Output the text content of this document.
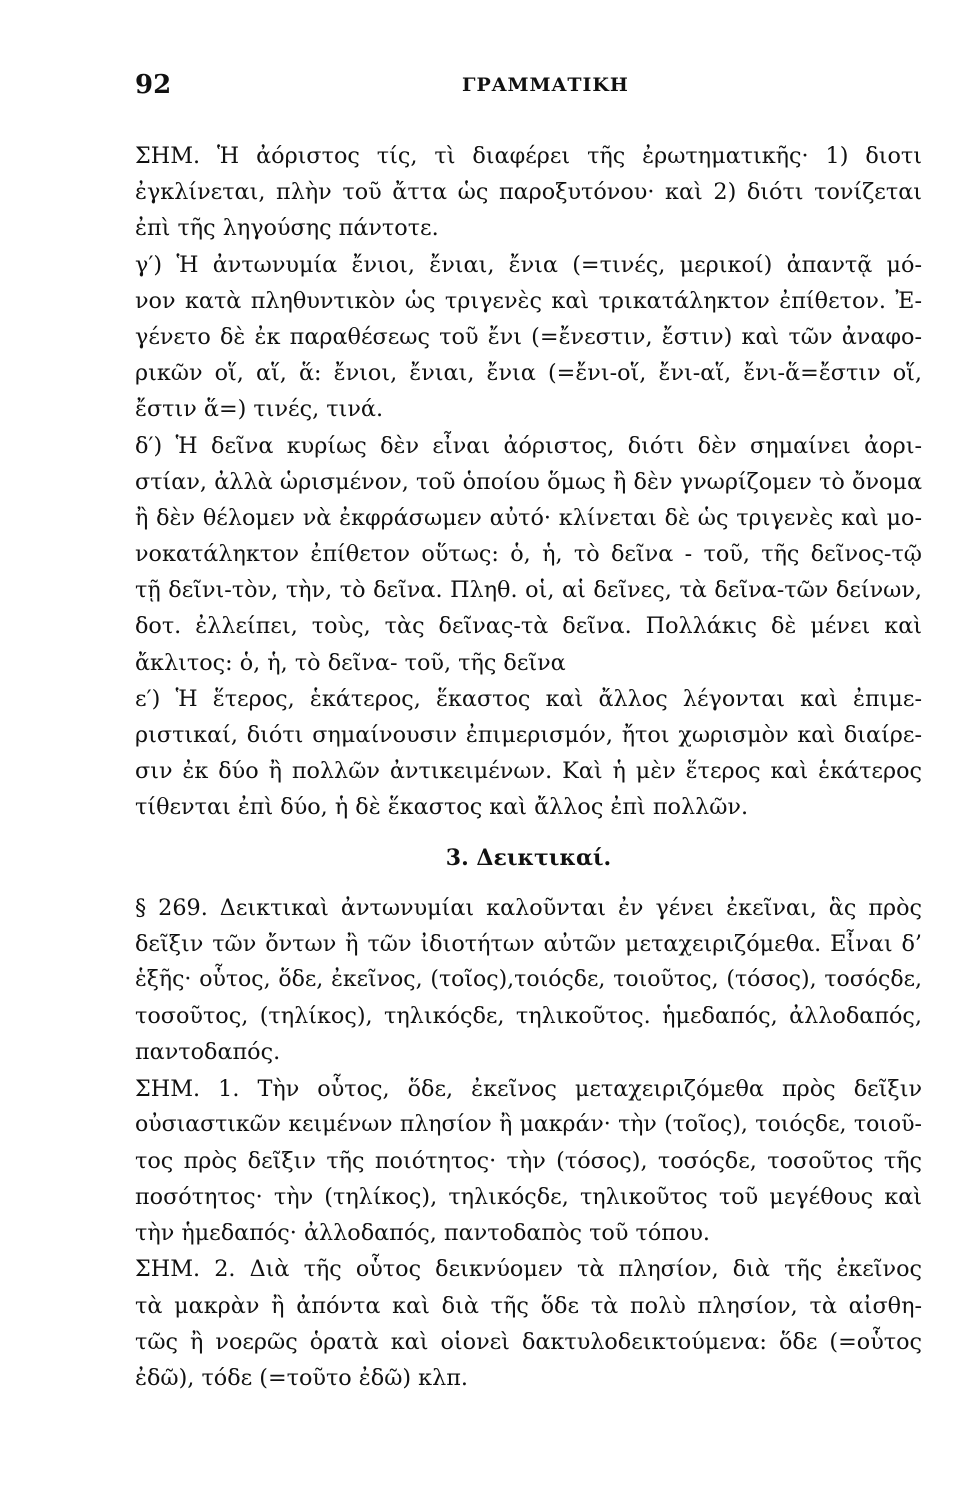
92	ΓΡΑΜΜΑΤΙΚΗ
ΣΗΜ. Ἡ ἀόριστος τίς, τὶ διαφέρει τῆς ἐρωτηματικῆς· 1) διοτι
ἐγκλίνεται, πλὴν τοῦ ἄττα ὡς παροξυτόνου· καὶ 2) διότι τονίζεται
ἐπὶ τῆς ληγούσης πάντοτε.
γ′) Ἡ ἀντωνυμία ἔνιοι, ἔνιαι, ἔνια (=τινές, μερικοί) ἀπαντᾷ μό-
νον κατὰ πληθυντικὸν ὡς τριγενὲς καὶ τρικατάληκτον ἐπίθετον. Ἐ-
γένετο δὲ ἐκ παραθέσεως τοῦ ἔνι (=ἔνεστιν, ἔστιν) καὶ τῶν ἀναφο-
ρικῶν οἵ, αἵ, ἅ: ἔνιοι, ἔνιαι, ἔνια (=ἔνι-οἵ, ἔνι-αἵ, ἔνι-ἅ=ἔστιν οἵ,
ἔστιν ἅ=) τινές, τινά.
δ′) Ἡ δεῖνα κυρίως δὲν εἶναι ἀόριστος, διότι δὲν σημαίνει ἀορι-
στίαν, ἀλλὰ ὡρισμένον, τοῦ ὁποίου ὅμως ἢ δὲν γνωρίζομεν τὸ ὄνομα
ἢ δὲν θέλομεν νὰ ἐκφράσωμεν αὐτό· κλίνεται δὲ ὡς τριγενὲς καὶ μο-
νοκατάληκτον ἐπίθετον οὕτως: ὁ, ἡ, τὸ δεῖνα - τοῦ, τῆς δεῖνος-τῷ
τῇ δεῖνι-τὸν, τὴν, τὸ δεῖνα. Πληθ. οἱ, αἱ δεῖνες, τὰ δεῖνα-τῶν δείνων,
δοτ. ἐλλείπει, τοὺς, τὰς δεῖνας-τὰ δεῖνα. Πολλάκις δὲ μένει καὶ
ἄκλιτος: ὁ, ἡ, τὸ δεῖνα- τοῦ, τῆς δεῖνα
ε′) Ἡ ἕτερος, ἑκάτερος, ἕκαστος καὶ ἄλλος λέγονται καὶ ἐπιμε-
ριστικαί, διότι σημαίνουσιν ἐπιμερισμόν, ἤτοι χωρισμὸν καὶ διαίρε-
σιν ἐκ δύο ἢ πολλῶν ἀντικειμένων. Καὶ ἡ μὲν ἕτερος καὶ ἑκάτερος
τίθενται ἐπὶ δύο, ἡ δὲ ἕκαστος καὶ ἄλλος ἐπὶ πολλῶν.
3. Δεικτικαί.
§ 269. Δεικτικαὶ ἀντωνυμίαι καλοῦνται ἐν γένει ἐκεῖναι, ἃς πρὸς
δεῖξιν τῶν ὄντων ἢ τῶν ἰδιοτήτων αὐτῶν μεταχειριζόμεθα. Εἶναι δ’
ἑξῆς· οὗτος, ὅδε, ἐκεῖνος, (τοῖος),τοιόςδε, τοιοῦτος, (τόσος), τοσόςδε,
τοσοῦτος, (τηλίκος), τηλικόςδε, τηλικοῦτος. ἡμεδαπός, ἀλλοδαπός,
παντοδαπός.
ΣΗΜ. 1. Τὴν οὗτος, ὅδε, ἐκεῖνος μεταχειριζόμεθα πρὸς δεῖξιν
οὐσιαστικῶν κειμένων πλησίον ἢ μακράν· τὴν (τοῖος), τοιόςδε, τοιοῦ-
τος πρὸς δεῖξιν τῆς ποιότητος· τὴν (τόσος), τοσόςδε, τοσοῦτος τῆς
ποσότητος· τὴν (τηλίκος), τηλικόςδε, τηλικοῦτος τοῦ μεγέθους καὶ
τὴν ἡμεδαπός· ἀλλοδαπός, παντοδαπὸς τοῦ τόπου.
ΣΗΜ. 2. Διὰ τῆς οὗτος δεικνύομεν τὰ πλησίον, διὰ τῆς ἐκεῖνος
τὰ μακρὰν ἢ ἀπόντα καὶ διὰ τῆς ὅδε τὰ πολὺ πλησίον, τὰ αἰσθη-
τῶς ἢ νοερῶς ὁρατὰ καὶ οἱονεὶ δακτυλοδεικτούμενα: ὅδε (=οὗτος
ἐδῶ), τόδε (=τοῦτο ἐδῶ) κλπ.
